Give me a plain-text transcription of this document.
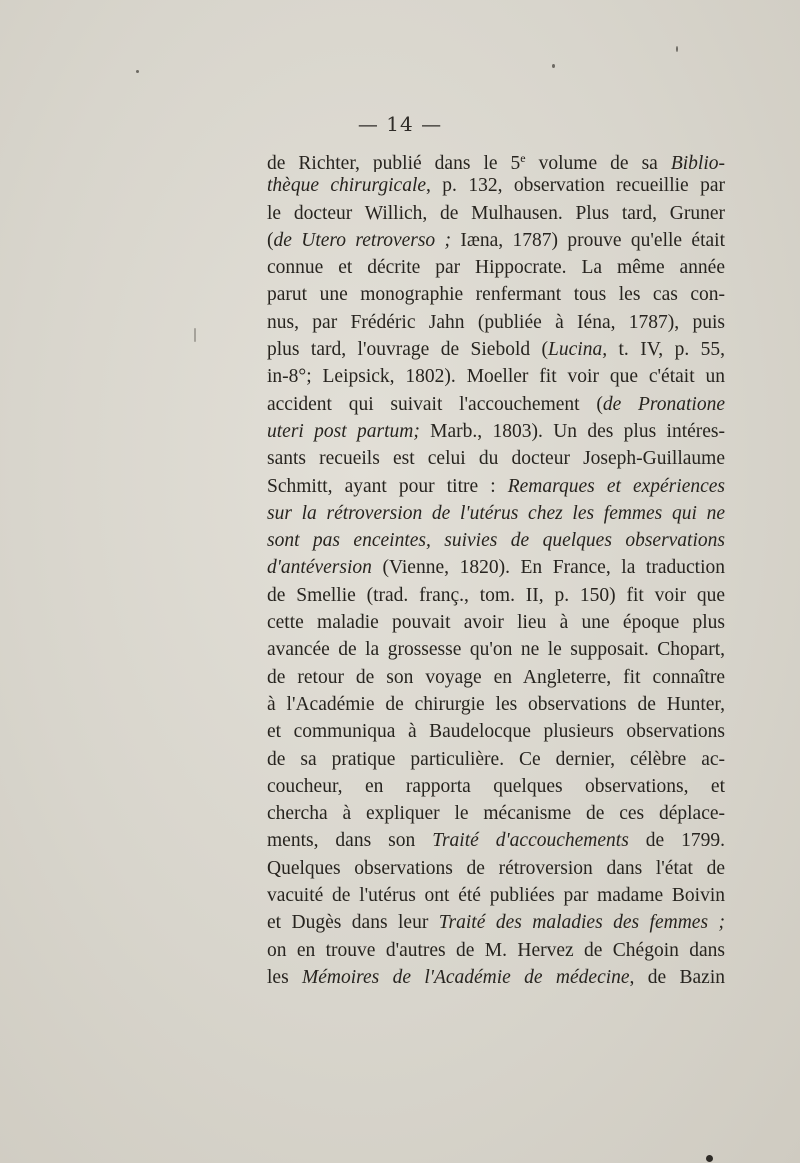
— 14 —
de Richter, publié dans le 5e volume de sa Biblio-
thèque chirurgicale, p. 132, observation recueillie par
le docteur Willich, de Mulhausen. Plus tard, Gruner
(de Utero retroverso ; Iæna, 1787) prouve qu'elle était
connue et décrite par Hippocrate. La même année
parut une monographie renfermant tous les cas con-
nus, par Frédéric Jahn (publiée à Iéna, 1787), puis
plus tard, l'ouvrage de Siebold (Lucina, t. IV, p. 55,
in-8°; Leipsick, 1802). Moeller fit voir que c'était un
accident qui suivait l'accouchement (de Pronatione
uteri post partum; Marb., 1803). Un des plus intéres-
sants recueils est celui du docteur Joseph-Guillaume
Schmitt, ayant pour titre : Remarques et expériences
sur la rétroversion de l'utérus chez les femmes qui ne
sont pas enceintes, suivies de quelques observations
d'antéversion (Vienne, 1820). En France, la traduction
de Smellie (trad. franç., tom. II, p. 150) fit voir que
cette maladie pouvait avoir lieu à une époque plus
avancée de la grossesse qu'on ne le supposait. Chopart,
de retour de son voyage en Angleterre, fit connaître
à l'Académie de chirurgie les observations de Hunter,
et communiqua à Baudelocque plusieurs observations
de sa pratique particulière. Ce dernier, célèbre ac-
coucheur, en rapporta quelques observations, et
chercha à expliquer le mécanisme de ces déplace-
ments, dans son Traité d'accouchements de 1799.
Quelques observations de rétroversion dans l'état de
vacuité de l'utérus ont été publiées par madame Boivin
et Dugès dans leur Traité des maladies des femmes ;
on en trouve d'autres de M. Hervez de Chégoin dans
les Mémoires de l'Académie de médecine, de Bazin
